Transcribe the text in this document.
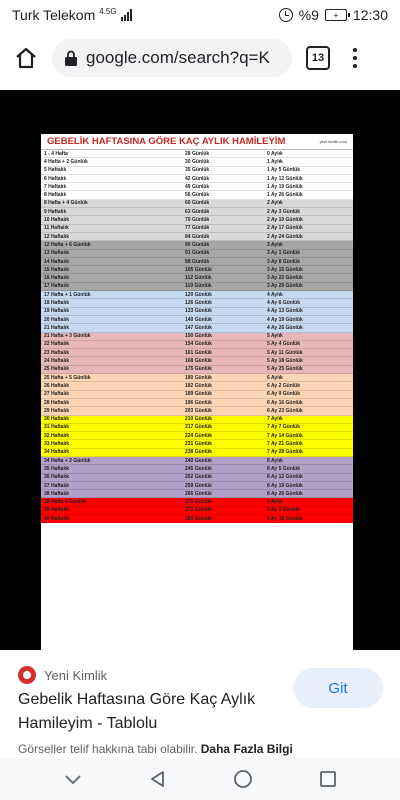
Turk Telekom 4.5G	%9	+	12:30
google.com/search?q=K	13
GEBELİK HAFTASINA GÖRE KAÇ AYLIK HAMİLEYİM	yeni-kimlik.com
1 - 4 Hafta	28 Günlük	0 Aylık
4 Hafta + 2 Günlük	30 Günlük	1 Aylık
5 Haftalık	35 Günlük	1 Ay 5 Günlük
6 Haftalık	42 Günlük	1 Ay 12 Günlük
7 Haftalık	49 Günlük	1 Ay 19 Günlük
8 Haftalık	56 Günlük	1 Ay 26 Günlük
8 Hafta + 4 Günlük	60 Günlük	2 Aylık
9 Haftalık	63 Günlük	2 Ay 3 Günlük
10 Haftalık	70 Günlük	2 Ay 10 Günlük
11 Haftalık	77 Günlük	2 Ay 17 Günlük
12 Haftalık	84 Günlük	2 Ay 24 Günlük
12 Hafta + 6 Günlük	90 Günlük	3 Aylık
13 Haftalık	91 Günlük	3 Ay 1 Günlük
14 Haftalık	98 Günlük	3 Ay 8 Günlük
15 Haftalık	105 Günlük	3 Ay 15 Günlük
16 Haftalık	112 Günlük	3 Ay 22 Günlük
17 Haftalık	119 Günlük	3 Ay 29 Günlük
17 Hafta + 1 Günlük	120 Günlük	4 Aylık
18 Haftalık	126 Günlük	4 Ay 6 Günlük
19 Haftalık	133 Günlük	4 Ay 13 Günlük
20 Haftalık	140 Günlük	4 Ay 19 Günlük
21 Haftalık	147 Günlük	4 Ay 26 Günlük
21 Hafta + 3 Günlük	150 Günlük	5 Aylık
22 Haftalık	154 Günlük	5 Ay 4 Günlük
23 Haftalık	161 Günlük	5 Ay 11 Günlük
24 Haftalık	168 Günlük	5 Ay 18 Günlük
25 Haftalık	175 Günlük	5 Ay 25 Günlük
25 Hafta + 5 Günlük	180 Günlük	6 Aylık
26 Haftalık	182 Günlük	6 Ay 2 Günlük
27 Haftalık	189 Günlük	6 Ay 9 Günlük
28 Haftalık	196 Günlük	6 Ay 16 Günlük
29 Haftalık	203 Günlük	6 Ay 23 Günlük
30 Haftalık	210 Günlük	7 Aylık
31 Haftalık	217 Günlük	7 Ay 7 Günlük
32 Haftalık	224 Günlük	7 Ay 14 Günlük
33 Haftalık	231 Günlük	7 Ay 21 Günlük
34 Haftalık	238 Günlük	7 Ay 28 Günlük
34 Hafta + 2 Günlük	240 Günlük	8 Aylık
35 Haftalık	245 Günlük	8 Ay 5 Günlük
36 Haftalık	252 Günlük	8 Ay 12 Günlük
37 Haftalık	259 Günlük	8 Ay 19 Günlük
38 Haftalık	266 Günlük	8 Ay 26 Günlük
38 Hafta 4 Günlük	270 Günlük	9 Aylık
39 Haftalık	273 Günlük	9 Ay 3 Günlük
40 Haftalık	280 Günlük	9 Ay 10 Günlük
Yeni Kimlik
Gebelik Haftasına Göre Kaç Aylık Hamileyim - Tablolu
Git
Görseller telif hakkına tabi olabilir. Daha Fazla Bilgi
